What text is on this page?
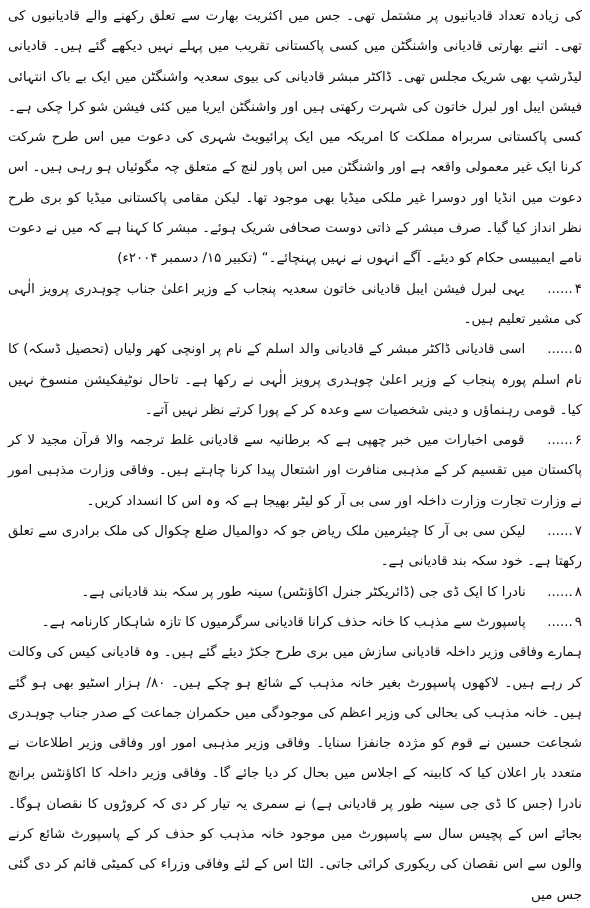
کی زیادہ تعداد قادیانیوں پر مشتمل تھی۔ جس میں اکثریت بھارت سے تعلق رکھنے والے قادیانیوں کی تھی۔ اتنے بھارتی قادیانی واشنگٹن میں کسی پاکستانی تقریب میں پہلے نہیں دیکھے گئے ہیں۔ قادیانی لیڈرشپ بھی شریک مجلس تھی۔ ڈاکٹر مبشر قادیانی کی بیوی سعدیہ واشنگٹن میں ایک بے باک انتہائی فیشن ایبل اور لبرل خاتون کی شہرت رکھتی ہیں اور واشنگٹن ایریا میں کئی فیشن شو کرا چکی ہے۔ کسی پاکستانی سربراہ مملکت کا امریکہ میں ایک پرائیویٹ شہری کی دعوت میں اس طرح شرکت کرنا ایک غیر معمولی واقعہ ہے اور واشنگٹن میں اس پاور لنچ کے متعلق چہ مگوئیاں ہو رہی ہیں۔ اس دعوت میں انڈیا اور دوسرا غیر ملکی میڈیا بھی موجود تھا۔ لیکن مقامی پاکستانی میڈیا کو بری طرح نظر انداز کیا گیا۔ صرف مبشر کے ذاتی دوست صحافی شریک ہوئے۔ مبشر کا کہنا ہے کہ میں نے دعوت نامے ایمبیسی حکام کو دیئے۔ آگے انہوں نے نہیں پہنچائے۔“ (تکبیر ۱۵/ دسمبر ۲۰۰۴ء)

۴ ...... یہی لبرل فیشن ایبل قادیانی خاتون سعدیہ پنجاب کے وزیر اعلیٰ جناب چوہدری پرویز الٰہی کی مشیر تعلیم ہیں۔

۵ ...... اسی قادیانی ڈاکٹر مبشر کے قادیانی والد اسلم کے نام پر اونچی کھر ولیاں (تحصیل ڈسکہ) کا نام اسلم پورہ پنجاب کے وزیر اعلیٰ چوہدری پرویز الٰہی نے رکھا ہے۔ تاحال نوٹیفکیشن منسوخ نہیں کیا۔ قومی رہنماؤں و دینی شخصیات سے وعدہ کر کے پورا کرتے نظر نہیں آتے۔

۶ ...... قومی اخبارات میں خبر چھپی ہے کہ برطانیہ سے قادیانی غلط ترجمہ والا قرآن مجید لا کر پاکستان میں تقسیم کر کے مذہبی منافرت اور اشتعال پیدا کرنا چاہتے ہیں۔ وفاقی وزارت مذہبی امور نے وزارت تجارت وزارت داخلہ اور سی بی آر کو لیٹر بھیجا ہے کہ وہ اس کا انسداد کریں۔

۷ ...... لیکن سی بی آر کا چیئرمین ملک ریاض جو کہ دوالمیال ضلع چکوال کی ملک برادری سے تعلق رکھتا ہے۔ خود سکہ بند قادیانی ہے۔

۸ ...... نادرا کا ایک ڈی جی (ڈائریکٹر جنرل اکاؤنٹس) سینہ طور پر سکہ بند قادیانی ہے۔

۹ ...... پاسپورٹ سے مذہب کا خانہ حذف کرانا قادیانی سرگرمیوں کا تازہ شاہکار کارنامہ ہے۔

ہمارے وفاقی وزیر داخلہ قادیانی سازش میں بری طرح جکڑ دیئے گئے ہیں۔ وہ قادیانی کیس کی وکالت کر رہے ہیں۔ لاکھوں پاسپورٹ بغیر خانہ مذہب کے شائع ہو چکے ہیں۔ ۸۰/ ہزار اسٹیو بھی ہو گئے ہیں۔ خانہ مذہب کی بحالی کی وزیر اعظم کی موجودگی میں حکمران جماعت کے صدر جناب چوہدری شجاعت حسین نے قوم کو مژدہ جانفزا سنایا۔ وفاقی وزیر مذہبی امور اور وفاقی وزیر اطلاعات نے متعدد بار اعلان کیا کہ کابینہ کے اجلاس میں بحال کر دیا جائے گا۔ وفاقی وزیر داخلہ کا اکاؤنٹس برانچ نادرا (جس کا ڈی جی سینہ طور پر قادیانی ہے) نے سمری یہ تیار کر دی کہ کروڑوں کا نقصان ہوگا۔ بجائے اس کے پچیس سال سے پاسپورٹ میں موجود خانہ مذہب کو حذف کر کے پاسپورٹ شائع کرنے والوں سے اس نقصان کی ریکوری کرائی جاتی۔ الٹا اس کے لئے وفاقی وزراء کی کمیٹی قائم کر دی گئی جس میں
